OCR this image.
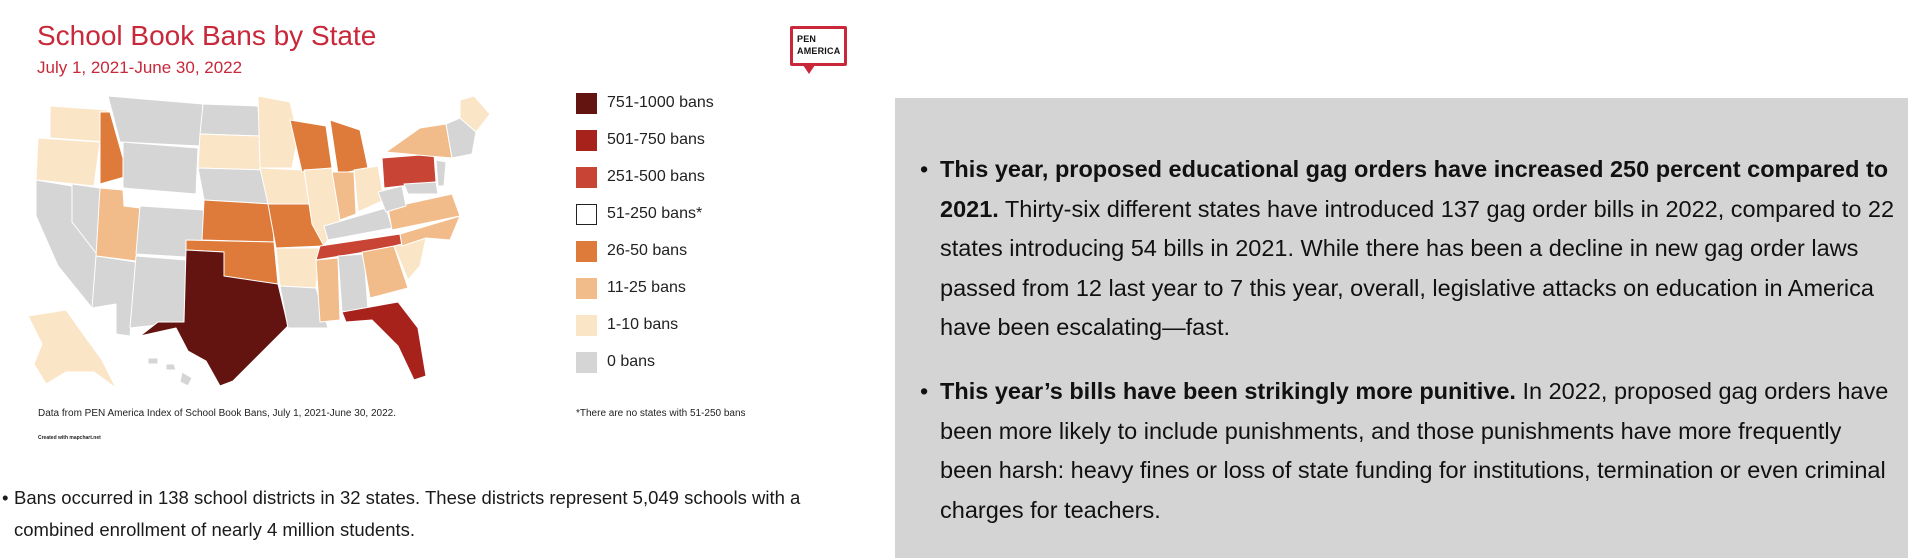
School Book Bans by State
July 1, 2021-June 30, 2022
PEN
AMERICA
751-1000 bans
501-750 bans
251-500 bans
51-250 bans*
26-50 bans
11-25 bans
1-10 bans
0 bans
Data from PEN America Index of School Book Bans, July 1, 2021-June 30, 2022.
Created with mapchart.net
*There are no states with 51-250 bans
• Bans occurred in 138 school districts in 32 states. These districts represent 5,049 schools with a combined enrollment of nearly 4 million students.
• This year, proposed educational gag orders have increased 250 percent compared to 2021. Thirty-six different states have introduced 137 gag order bills in 2022, compared to 22 states introducing 54 bills in 2021. While there has been a decline in new gag order laws passed from 12 last year to 7 this year, overall, legislative attacks on education in America have been escalating—fast.
• This year’s bills have been strikingly more punitive. In 2022, proposed gag orders have been more likely to include punishments, and those punishments have more frequently been harsh: heavy fines or loss of state funding for institutions, termination or even criminal charges for teachers.
